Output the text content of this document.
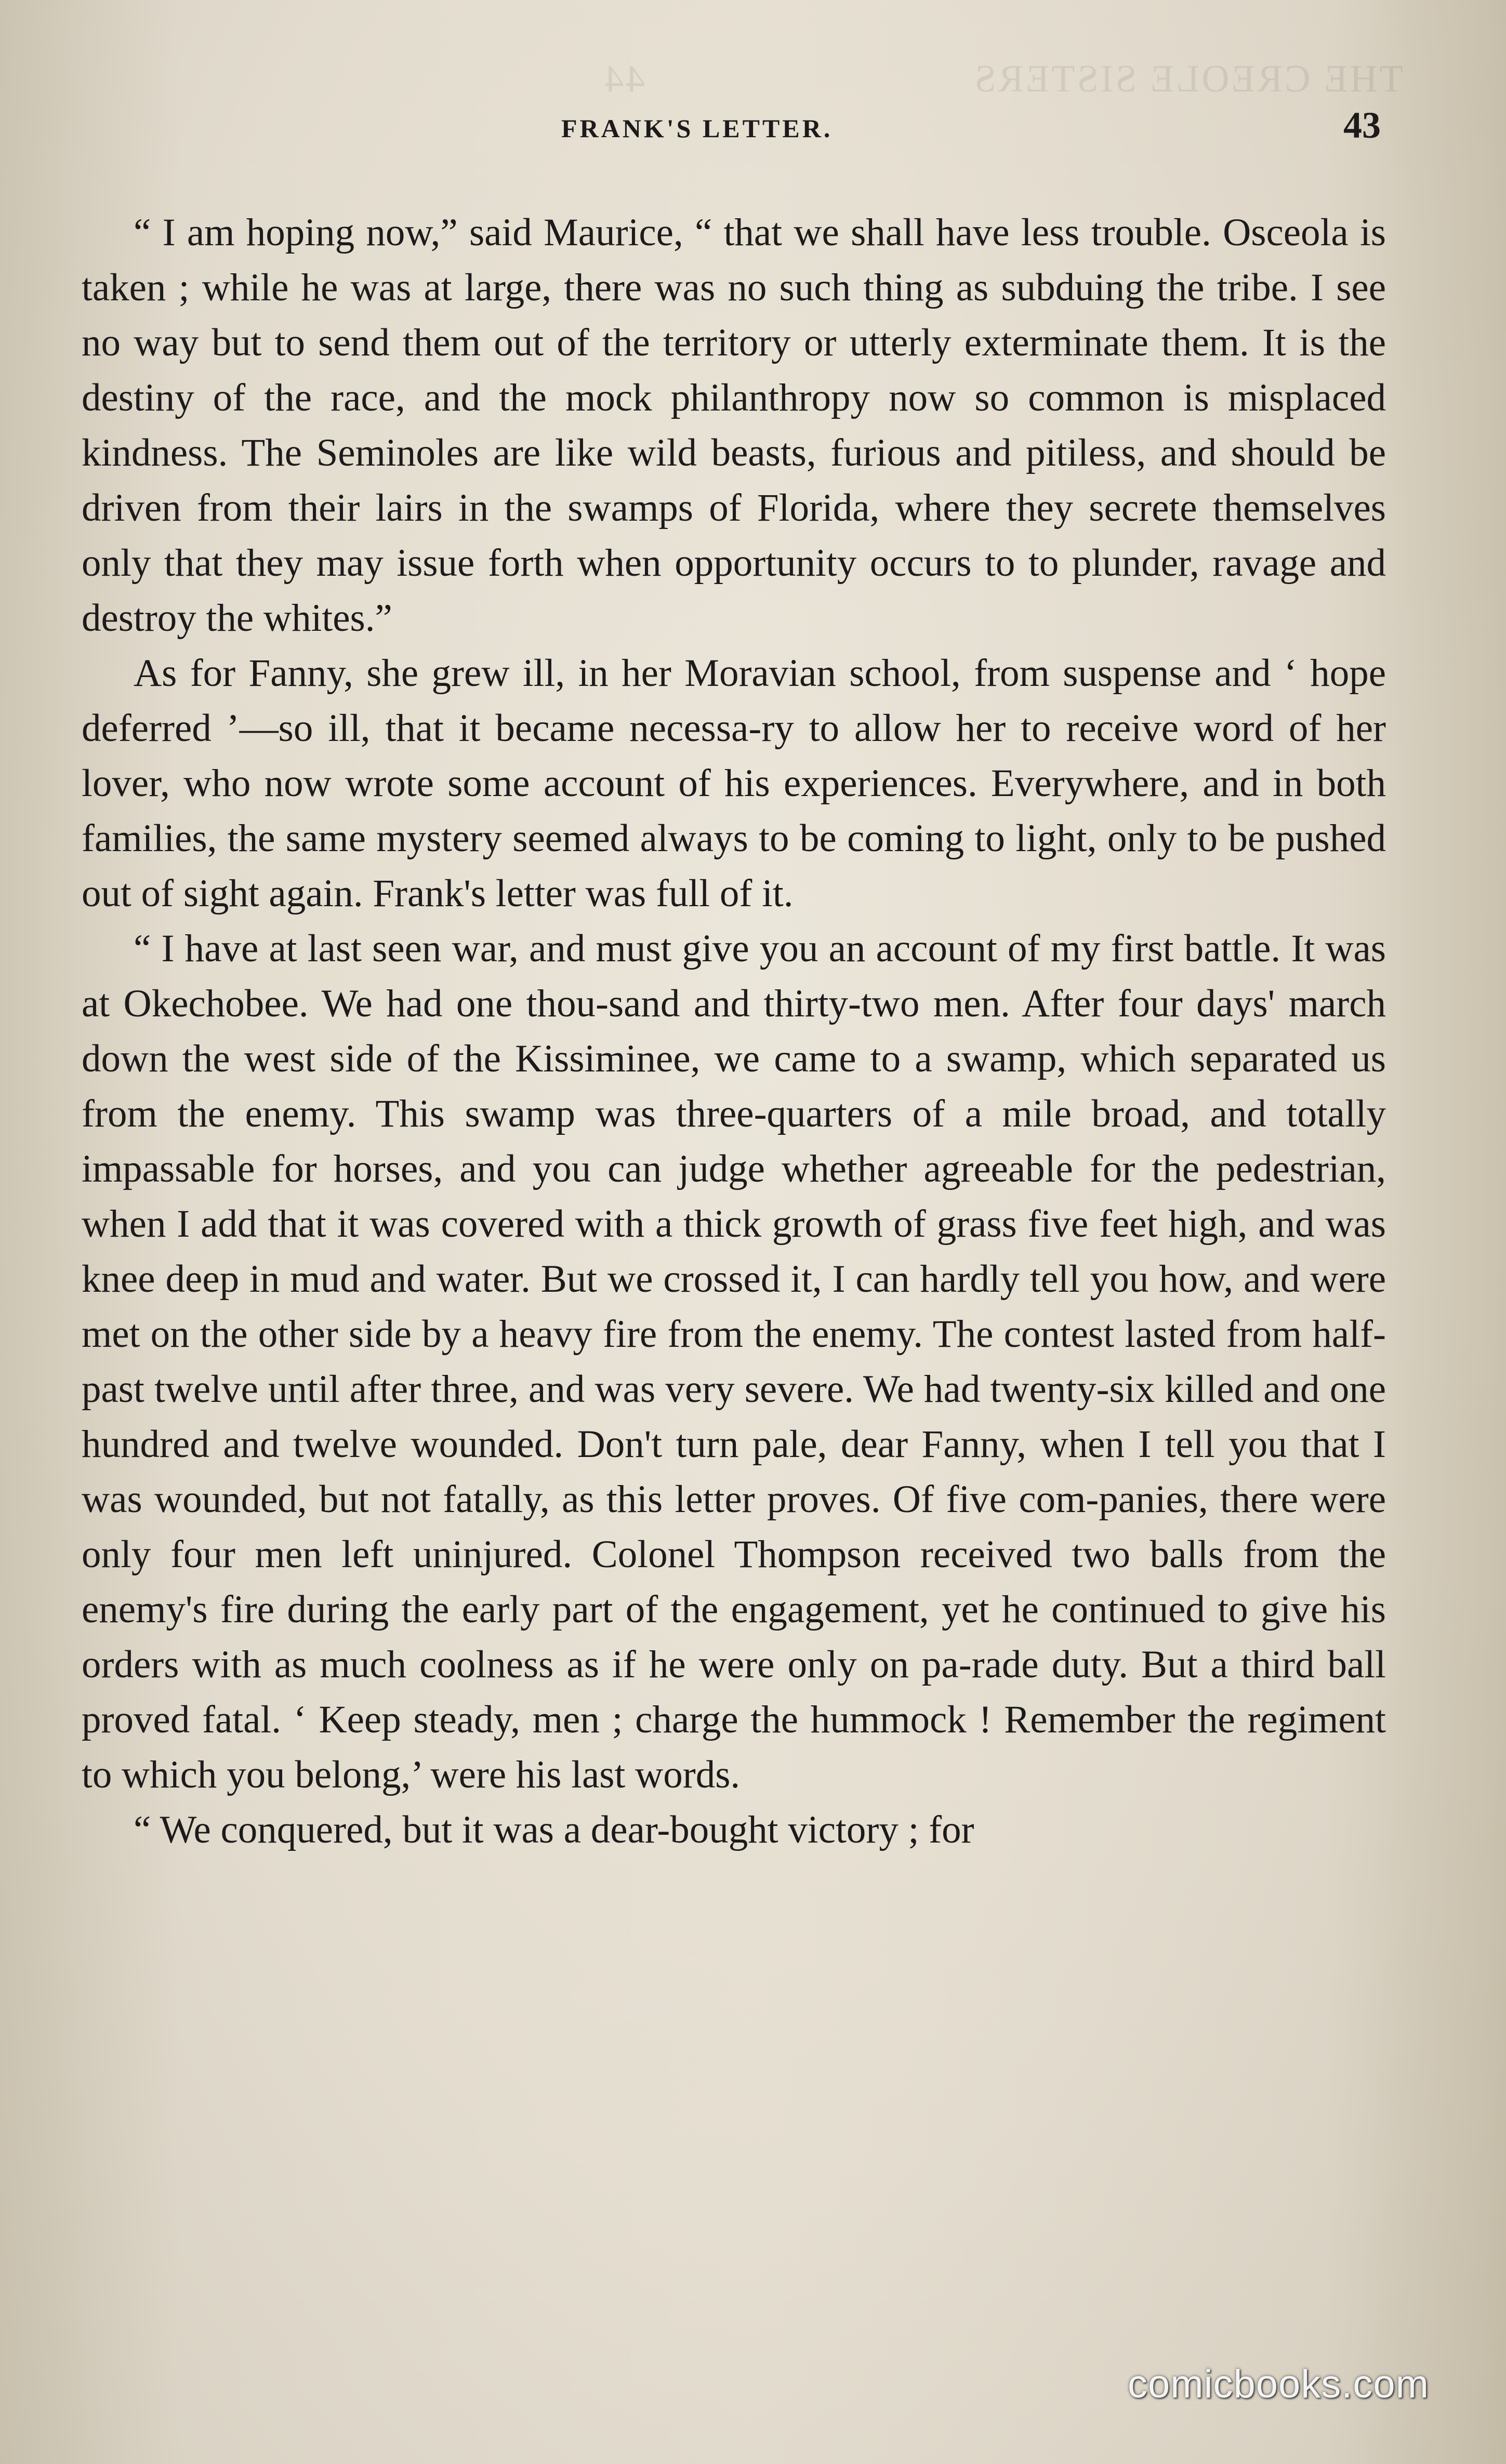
THE CREOLE SISTERS                            44
FRANK'S LETTER.	43

“ I am hoping now,” said Maurice, “ that we shall have less trouble. Osceola is taken ; while he was at large, there was no such thing as subduing the tribe. I see no way but to send them out of the territory or utterly exterminate them. It is the destiny of the race, and the mock philanthropy now so common is misplaced kindness. The Seminoles are like wild beasts, furious and pitiless, and should be driven from their lairs in the swamps of Florida, where they secrete themselves only that they may issue forth when opportunity occurs to to plunder, ravage and destroy the whites.”

As for Fanny, she grew ill, in her Moravian school, from suspense and ‘ hope deferred ’—so ill, that it became necessa-ry to allow her to receive word of her lover, who now wrote some account of his experiences. Everywhere, and in both families, the same mystery seemed always to be coming to light, only to be pushed out of sight again. Frank's letter was full of it.

“ I have at last seen war, and must give you an account of my first battle. It was at Okechobee. We had one thou-sand and thirty-two men. After four days' march down the west side of the Kissiminee, we came to a swamp, which separated us from the enemy. This swamp was three-quarters of a mile broad, and totally impassable for horses, and you can judge whether agreeable for the pedestrian, when I add that it was covered with a thick growth of grass five feet high, and was knee deep in mud and water. But we crossed it, I can hardly tell you how, and were met on the other side by a heavy fire from the enemy. The contest lasted from half-past twelve until after three, and was very severe. We had twenty-six killed and one hundred and twelve wounded. Don't turn pale, dear Fanny, when I tell you that I was wounded, but not fatally, as this letter proves. Of five com-panies, there were only four men left uninjured. Colonel Thompson received two balls from the enemy's fire during the early part of the engagement, yet he continued to give his orders with as much coolness as if he were only on pa-rade duty. But a third ball proved fatal. ‘ Keep steady, men ; charge the hummock ! Remember the regiment to which you belong,’ were his last words.

“ We conquered, but it was a dear-bought victory ; for

comicbooks.com
